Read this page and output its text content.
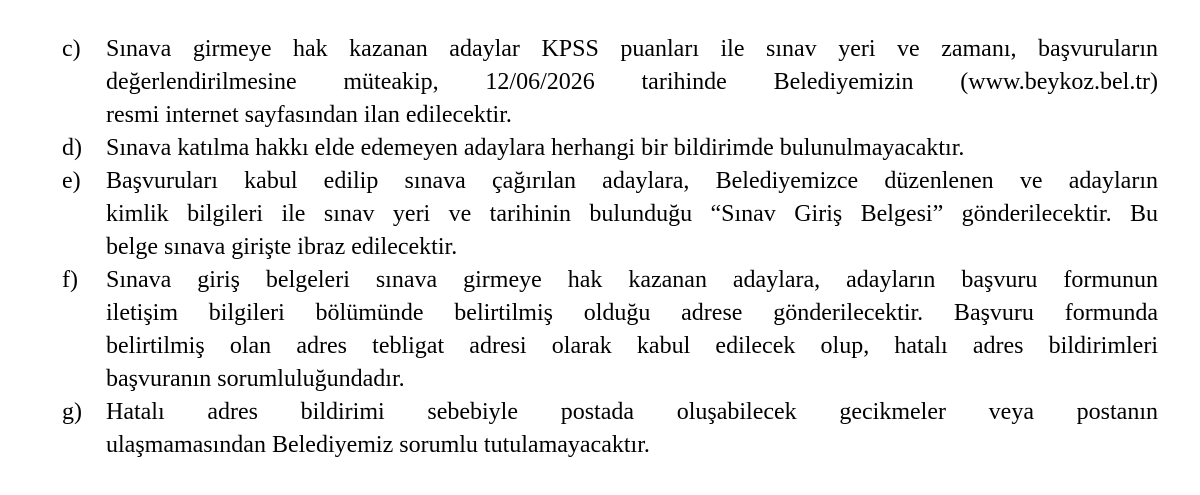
c)	Sınava girmeye hak kazanan adaylar KPSS puanları ile sınav yeri ve zamanı, başvuruların
değerlendirilmesine müteakip, 12/06/2026 tarihinde Belediyemizin (www.beykoz.bel.tr)
resmi internet sayfasından ilan edilecektir.
d)	Sınava katılma hakkı elde edemeyen adaylara herhangi bir bildirimde bulunulmayacaktır.
e)	Başvuruları kabul edilip sınava çağırılan adaylara, Belediyemizce düzenlenen ve adayların
kimlik bilgileri ile sınav yeri ve tarihinin bulunduğu “Sınav Giriş Belgesi” gönderilecektir. Bu
belge sınava girişte ibraz edilecektir.
f)	Sınava giriş belgeleri sınava girmeye hak kazanan adaylara, adayların başvuru formunun
iletişim bilgileri bölümünde belirtilmiş olduğu adrese gönderilecektir. Başvuru formunda
belirtilmiş olan adres tebligat adresi olarak kabul edilecek olup, hatalı adres bildirimleri
başvuranın sorumluluğundadır.
g)	Hatalı adres bildirimi sebebiyle postada oluşabilecek gecikmeler veya postanın
ulaşmamasından Belediyemiz sorumlu tutulamayacaktır.
